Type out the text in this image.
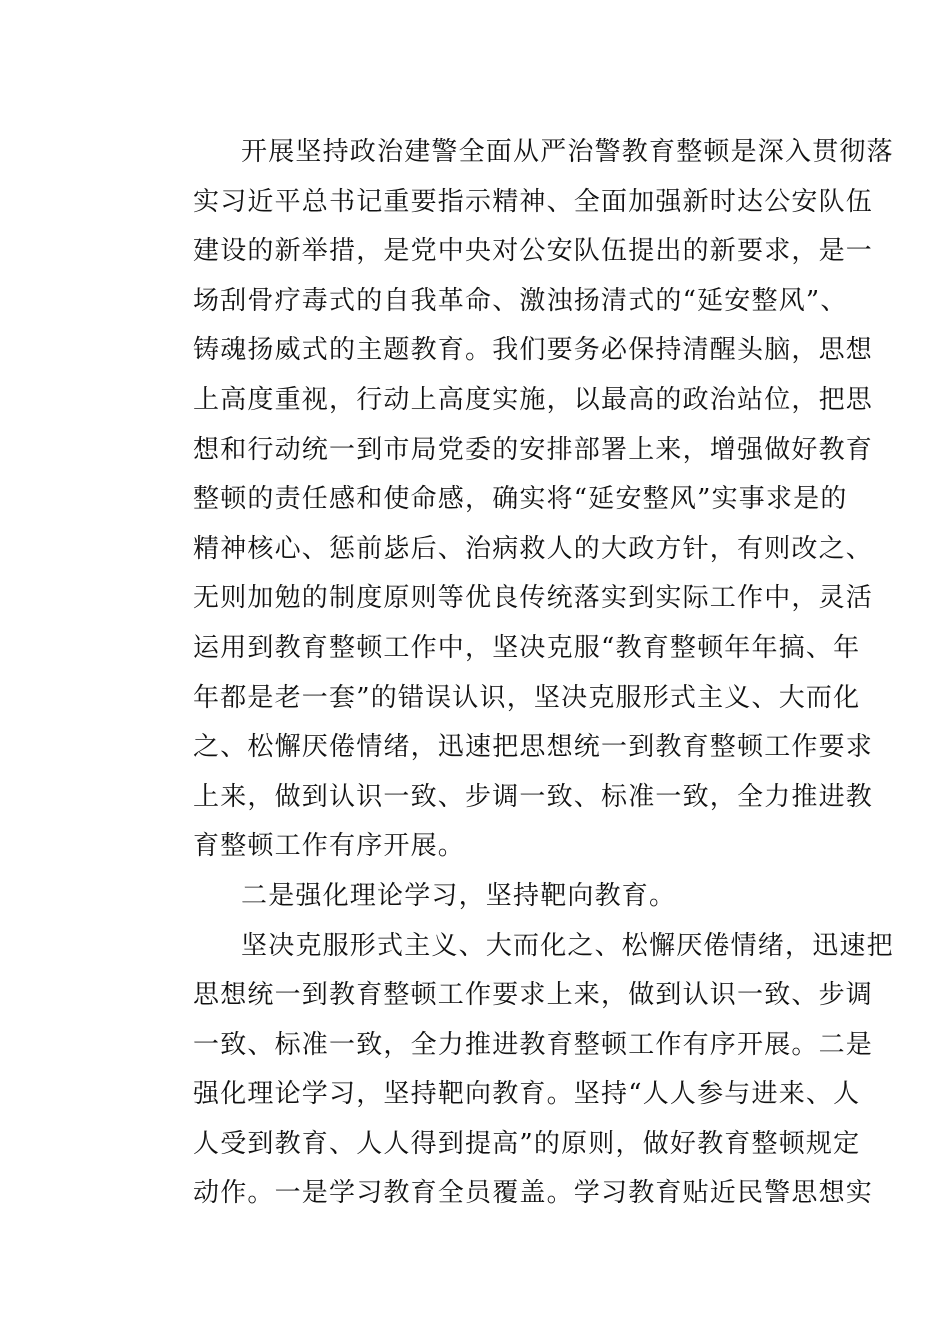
开展坚持政治建警全面从严治警教育整顿是深入贯彻落
实习近平总书记重要指示精神、全面加强新时达公安队伍
建设的新举措，是党中央对公安队伍提出的新要求，是一
场刮骨疗毒式的自我革命、激浊扬清式的“延安整风”、
铸魂扬威式的主题教育。我们要务必保持清醒头脑，思想
上高度重视，行动上高度实施，以最高的政治站位，把思
想和行动统一到市局党委的安排部署上来，增强做好教育
整顿的责任感和使命感，确实将“延安整风”实事求是的
精神核心、惩前毖后、治病救人的大政方针，有则改之、
无则加勉的制度原则等优良传统落实到实际工作中，灵活
运用到教育整顿工作中，坚决克服“教育整顿年年搞、年
年都是老一套”的错误认识，坚决克服形式主义、大而化
之、松懈厌倦情绪，迅速把思想统一到教育整顿工作要求
上来，做到认识一致、步调一致、标准一致，全力推进教
育整顿工作有序开展。
二是强化理论学习，坚持靶向教育。
坚决克服形式主义、大而化之、松懈厌倦情绪，迅速把
思想统一到教育整顿工作要求上来，做到认识一致、步调
一致、标准一致，全力推进教育整顿工作有序开展。二是
强化理论学习，坚持靶向教育。坚持“人人参与进来、人
人受到教育、人人得到提高”的原则，做好教育整顿规定
动作。一是学习教育全员覆盖。学习教育贴近民警思想实
